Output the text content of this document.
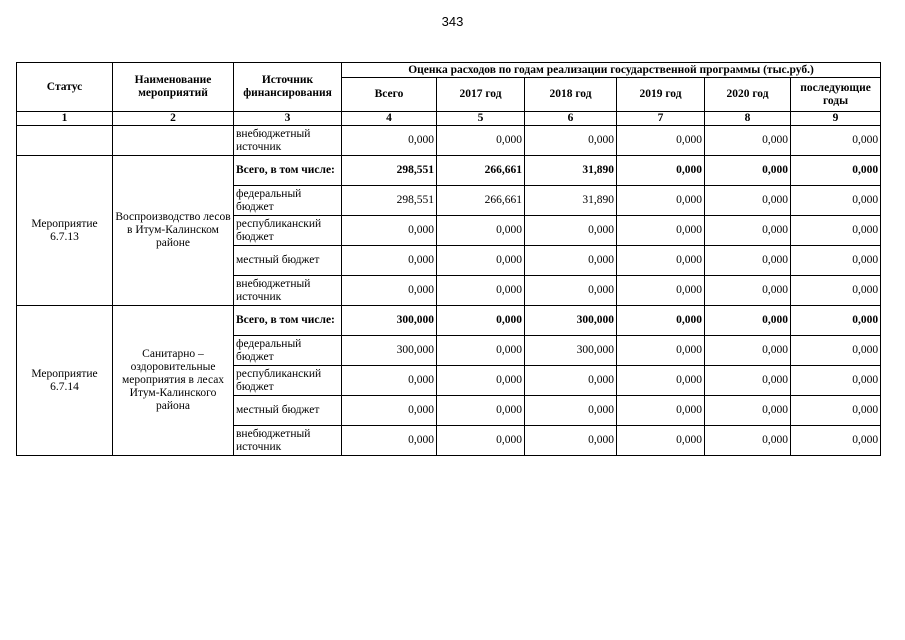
343
Статус	Наименование мероприятий	Источник финансирования	Оценка расходов по годам реализации государственной программы (тыс.руб.)					
			Всего	2017 год	2018 год	2019 год	2020 год	последующие годы
1	2	3	4	5	6	7	8	9
		внебюджетный источник	0,000	0,000	0,000	0,000	0,000	0,000
Мероприятие 6.7.13	Воспроизводство лесов в Итум-Калинском районе	Всего, в том числе:	298,551	266,661	31,890	0,000	0,000	0,000
		федеральный бюджет	298,551	266,661	31,890	0,000	0,000	0,000
		республиканский бюджет	0,000	0,000	0,000	0,000	0,000	0,000
		местный бюджет	0,000	0,000	0,000	0,000	0,000	0,000
		внебюджетный источник	0,000	0,000	0,000	0,000	0,000	0,000
Мероприятие 6.7.14	Санитарно – оздоровительные мероприятия в лесах Итум-Калинского района	Всего, в том числе:	300,000	0,000	300,000	0,000	0,000	0,000
		федеральный бюджет	300,000	0,000	300,000	0,000	0,000	0,000
		республиканский бюджет	0,000	0,000	0,000	0,000	0,000	0,000
		местный бюджет	0,000	0,000	0,000	0,000	0,000	0,000
		внебюджетный источник	0,000	0,000	0,000	0,000	0,000	0,000
